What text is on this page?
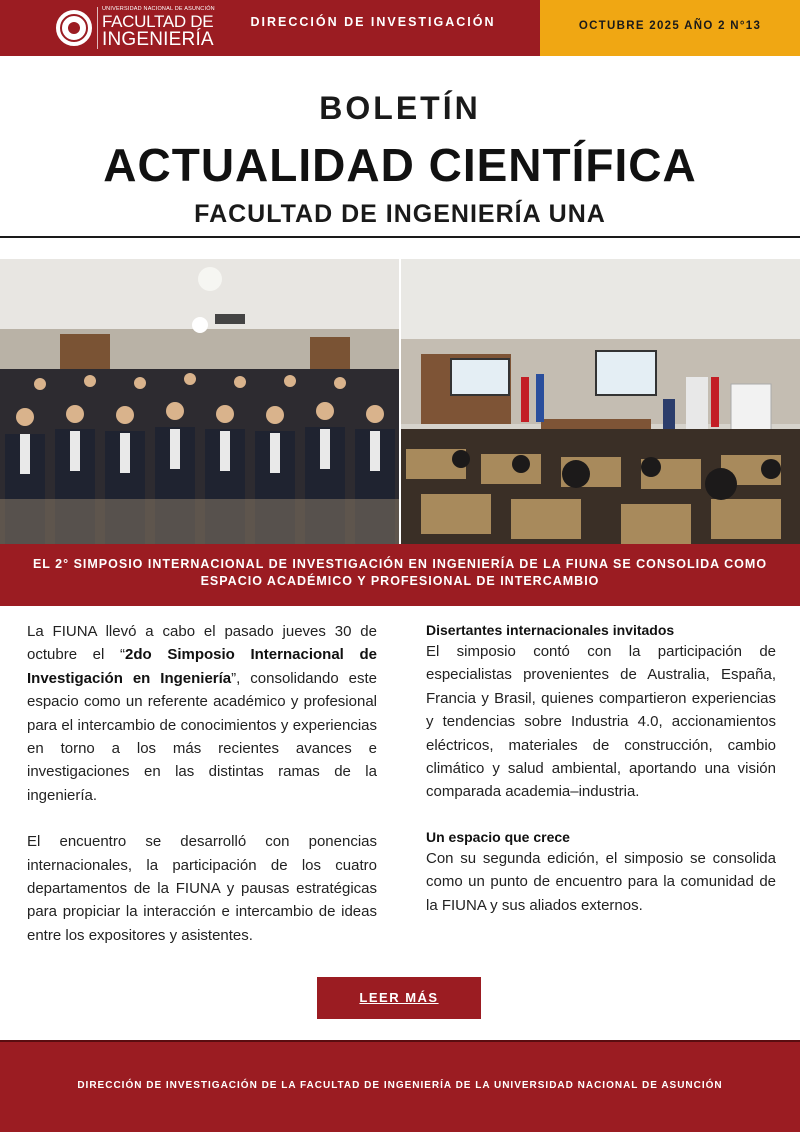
UNIVERSIDAD NACIONAL DE ASUNCIÓN
FACULTAD DE
INGENIERÍA
DIRECCIÓN DE INVESTIGACIÓN	OCTUBRE 2025 AÑO 2 N°13
BOLETÍN
ACTUALIDAD CIENTÍFICA
FACULTAD DE INGENIERÍA UNA
EL 2° SIMPOSIO INTERNACIONAL DE INVESTIGACIÓN EN INGENIERÍA DE LA FIUNA SE CONSOLIDA COMO ESPACIO ACADÉMICO Y PROFESIONAL DE INTERCAMBIO

La FIUNA llevó a cabo el pasado jueves 30 de octubre el “2do Simposio Internacional de Investigación en Ingeniería”, consolidando este espacio como un referente académico y profesional para el intercambio de conocimientos y experiencias en torno a los más recientes avances e investigaciones en las distintas ramas de la ingeniería.

El encuentro se desarrolló con ponencias internacionales, la participación de los cuatro departamentos de la FIUNA y pausas estratégicas para propiciar la interacción e intercambio de ideas entre los expositores y asistentes.

Disertantes internacionales invitados

El simposio contó con la participación de especialistas provenientes de Australia, España, Francia y Brasil, quienes compartieron experiencias y tendencias sobre Industria 4.0, accionamientos eléctricos, materiales de construcción, cambio climático y salud ambiental, aportando una visión comparada academia–industria.

Un espacio que crece

Con su segunda edición, el simposio se consolida como un punto de encuentro para la comunidad de la FIUNA y sus aliados externos.

LEER MÁS
DIRECCIÓN DE INVESTIGACIÓN DE LA FACULTAD DE INGENIERÍA DE LA UNIVERSIDAD NACIONAL DE ASUNCIÓN
